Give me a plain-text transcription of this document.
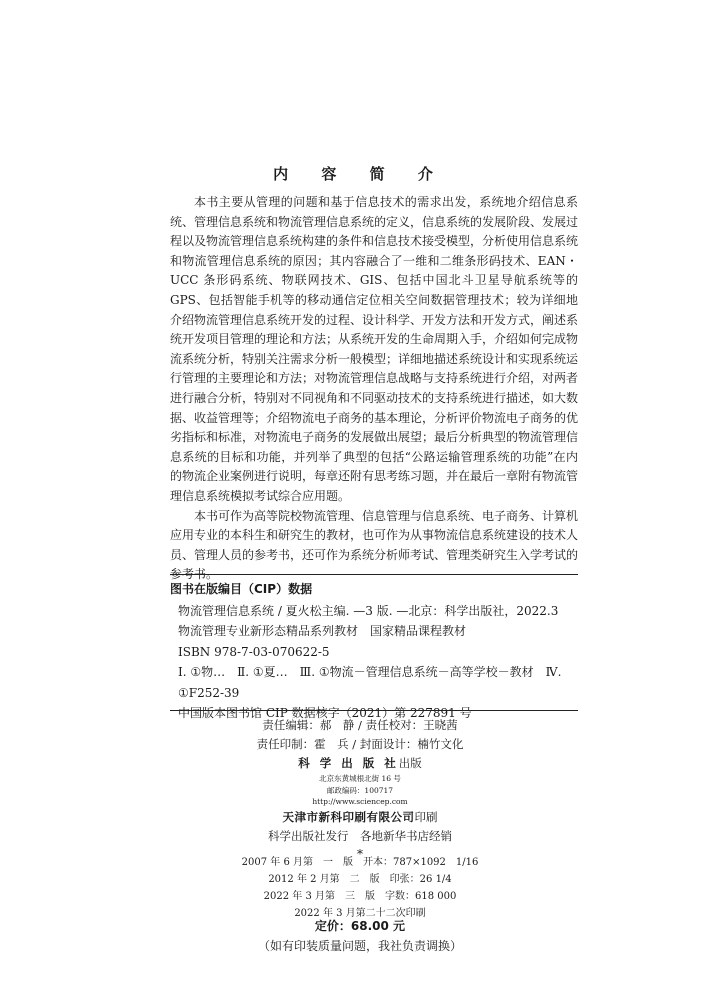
内 容 简 介

本书主要从管理的问题和基于信息技术的需求出发，系统地介绍信息系统、管理信息系统和物流管理信息系统的定义，信息系统的发展阶段、发展过程以及物流管理信息系统构建的条件和信息技术接受模型，分析使用信息系统和物流管理信息系统的原因；其内容融合了一维和二维条形码技术、EAN・UCC 条形码系统、物联网技术、GIS、包括中国北斗卫星导航系统等的 GPS、包括智能手机等的移动通信定位相关空间数据管理技术；较为详细地介绍物流管理信息系统开发的过程、设计科学、开发方法和开发方式，阐述系统开发项目管理的理论和方法；从系统开发的生命周期入手，介绍如何完成物流系统分析，特别关注需求分析一般模型；详细地描述系统设计和实现系统运行管理的主要理论和方法；对物流管理信息战略与支持系统进行介绍，对两者进行融合分析，特别对不同视角和不同驱动技术的支持系统进行描述，如大数据、收益管理等；介绍物流电子商务的基本理论，分析评价物流电子商务的优劣指标和标准，对物流电子商务的发展做出展望；最后分析典型的物流管理信息系统的目标和功能，并列举了典型的包括“公路运输管理系统的功能”在内的物流企业案例进行说明，每章还附有思考练习题，并在最后一章附有物流管理信息系统模拟考试综合应用题。

本书可作为高等院校物流管理、信息管理与信息系统、电子商务、计算机应用专业的本科生和研究生的教材，也可作为从事物流信息系统建设的技术人员、管理人员的参考书，还可作为系统分析师考试、管理类研究生入学考试的参考书。

图书在版编目（CIP）数据
物流管理信息系统 / 夏火松主编. —3 版. —北京：科学出版社，2022.3
物流管理专业新形态精品系列教材　国家精品课程教材
ISBN 978-7-03-070622-5
Ⅰ. ①物…　Ⅱ. ①夏…　Ⅲ. ①物流－管理信息系统－高等学校－教材　Ⅳ. ①F252-39
中国版本图书馆 CIP 数据核字（2021）第 227891 号
责任编辑：郝　静 / 责任校对：王晓茜
责任印制：霍　兵 / 封面设计：楠竹文化
科 学 出 版 社出版
北京东黄城根北街 16 号
邮政编码：100717
http://www.sciencep.com
天津市新科印刷有限公司印刷
科学出版社发行　各地新华书店经销
*
2007 年 6 月第　一　版　开本：787×1092　1/16
2012 年 2 月第　二　版　印张：26 1/4
2022 年 3 月第　三　版　字数：618 000
2022 年 3 月第二十二次印刷
定价：68.00 元
（如有印装质量问题，我社负责调换）
